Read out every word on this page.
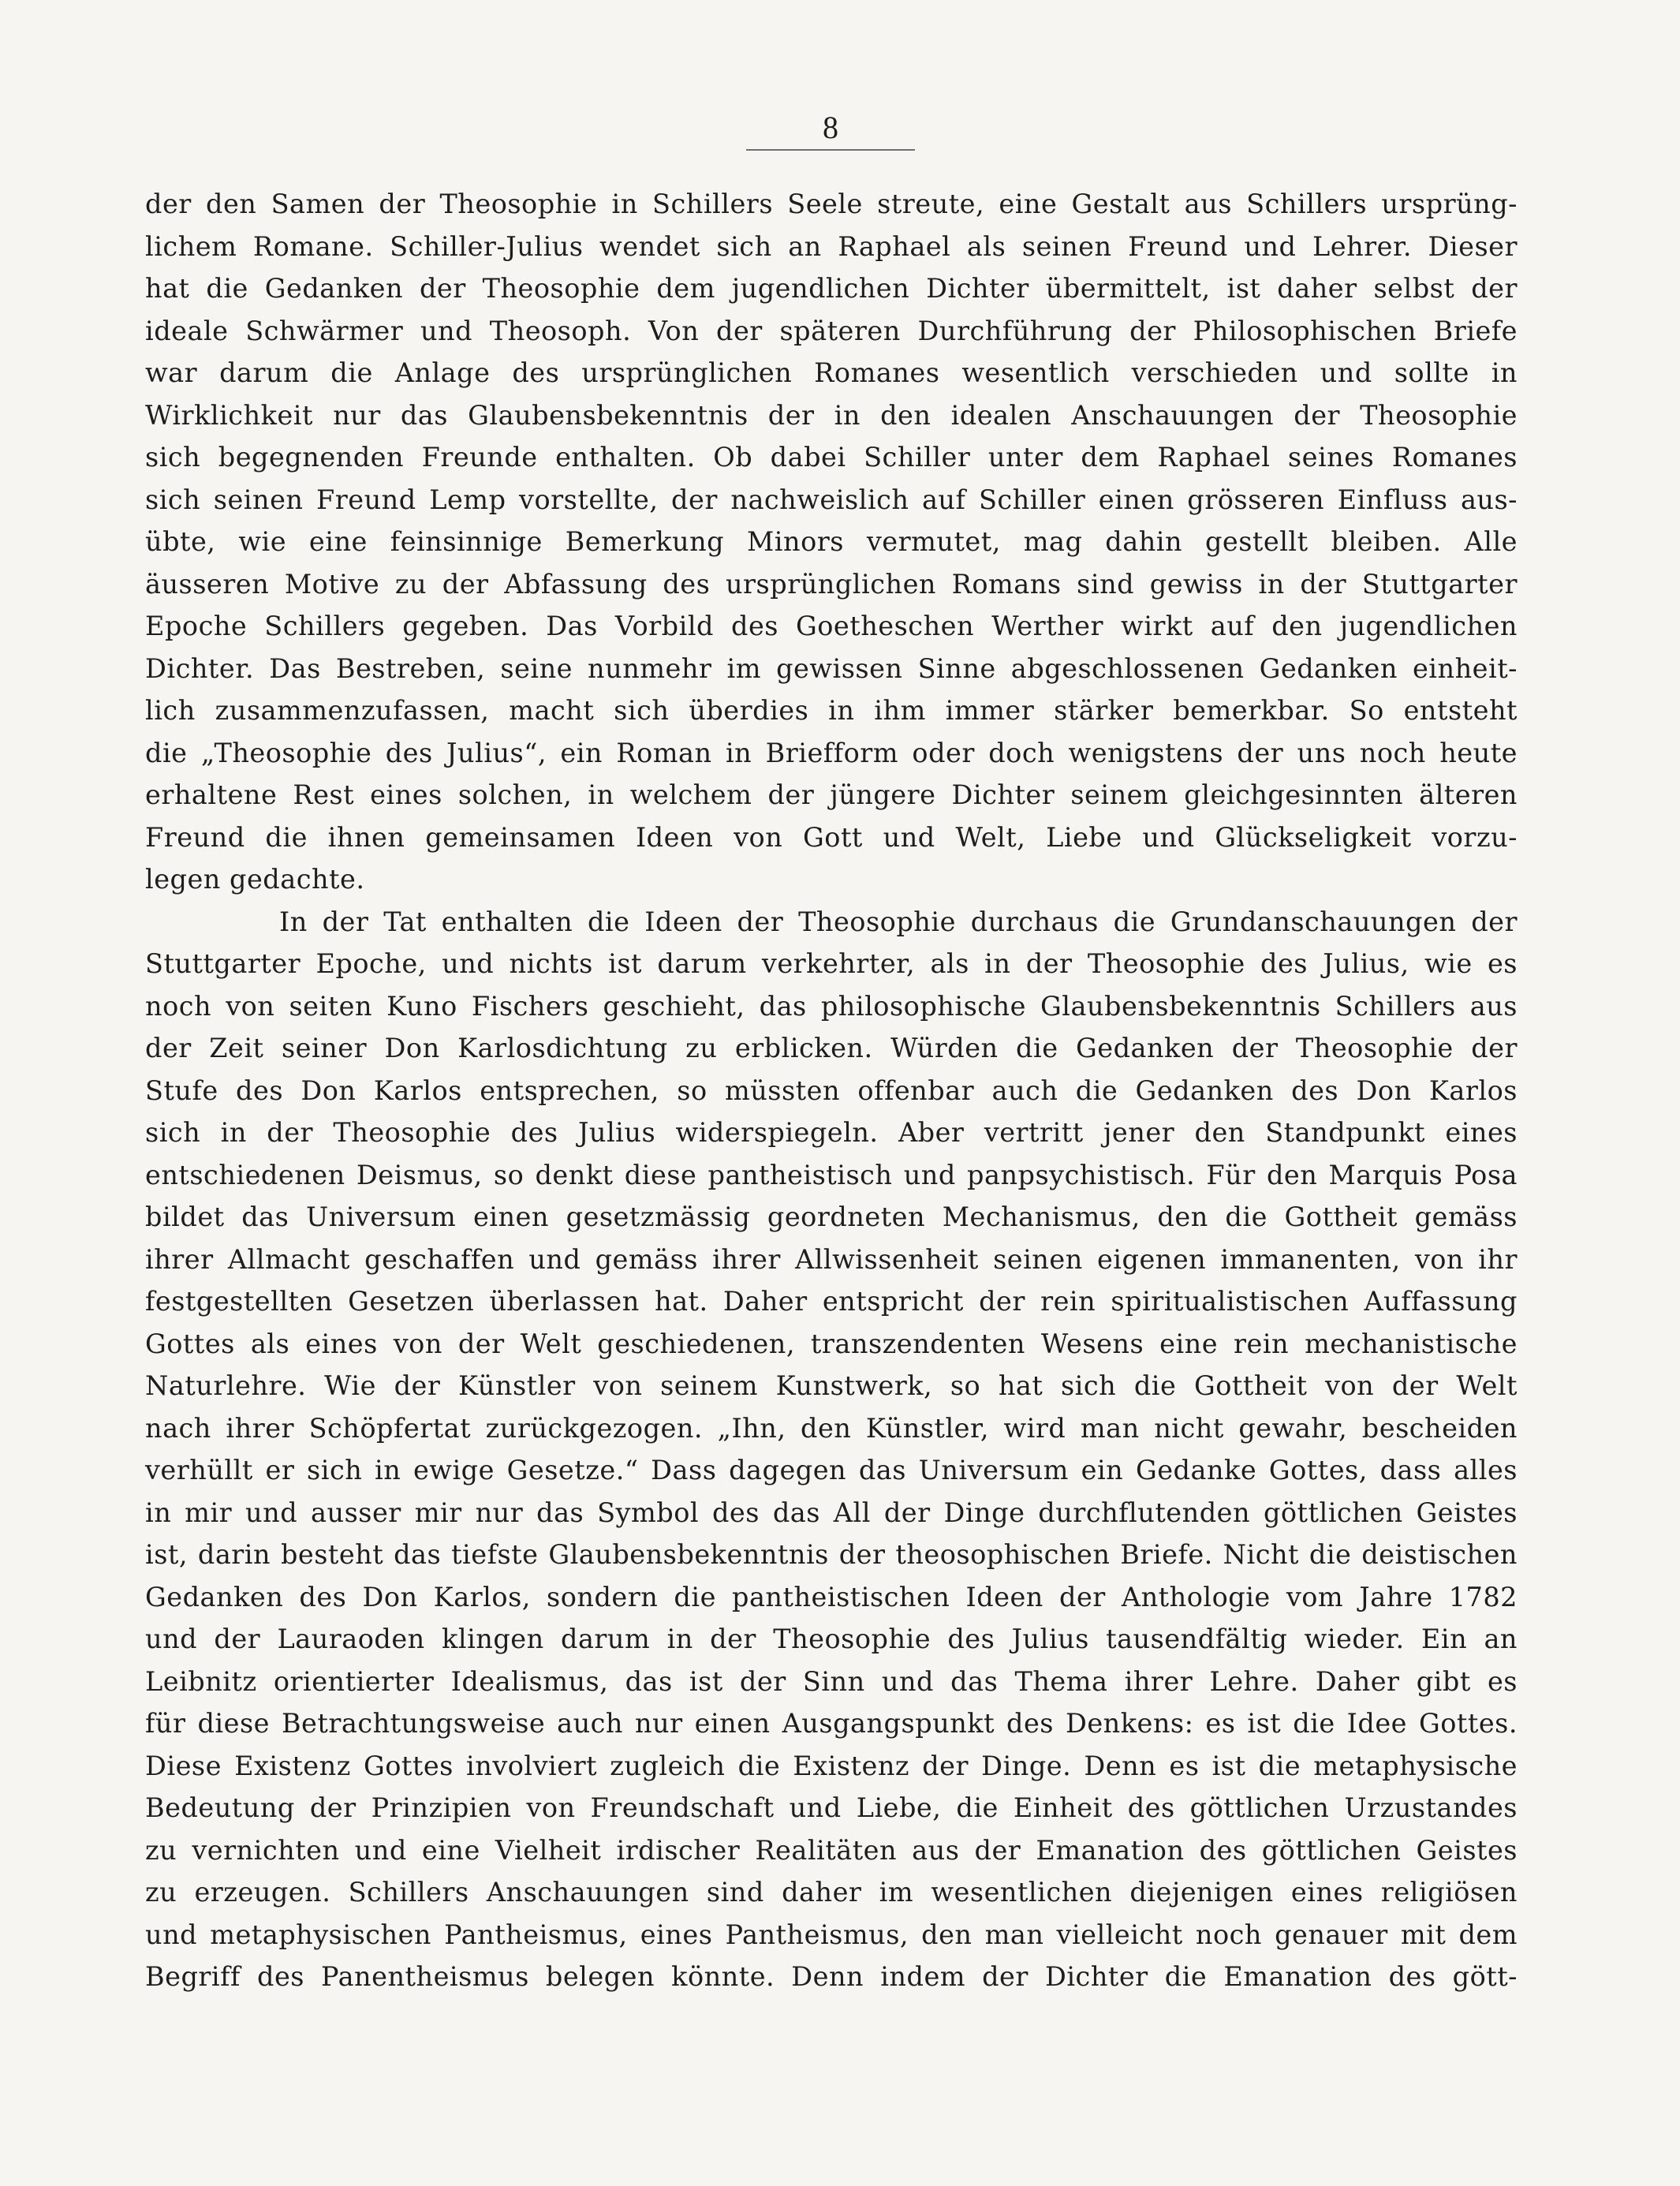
8
der den Samen der Theosophie in Schillers Seele streute, eine Gestalt aus Schillers ursprüng-
lichem Romane. Schiller-Julius wendet sich an Raphael als seinen Freund und Lehrer. Dieser
hat die Gedanken der Theosophie dem jugendlichen Dichter übermittelt, ist daher selbst der
ideale Schwärmer und Theosoph. Von der späteren Durchführung der Philosophischen Briefe
war darum die Anlage des ursprünglichen Romanes wesentlich verschieden und sollte in
Wirklichkeit nur das Glaubensbekenntnis der in den idealen Anschauungen der Theosophie
sich begegnenden Freunde enthalten. Ob dabei Schiller unter dem Raphael seines Romanes
sich seinen Freund Lemp vorstellte, der nachweislich auf Schiller einen grösseren Einfluss aus-
übte, wie eine feinsinnige Bemerkung Minors vermutet, mag dahin gestellt bleiben. Alle
äusseren Motive zu der Abfassung des ursprünglichen Romans sind gewiss in der Stuttgarter
Epoche Schillers gegeben. Das Vorbild des Goetheschen Werther wirkt auf den jugendlichen
Dichter. Das Bestreben, seine nunmehr im gewissen Sinne abgeschlossenen Gedanken einheit-
lich zusammenzufassen, macht sich überdies in ihm immer stärker bemerkbar. So entsteht
die „Theosophie des Julius“, ein Roman in Briefform oder doch wenigstens der uns noch heute
erhaltene Rest eines solchen, in welchem der jüngere Dichter seinem gleichgesinnten älteren
Freund die ihnen gemeinsamen Ideen von Gott und Welt, Liebe und Glückseligkeit vorzu-
legen gedachte.
In der Tat enthalten die Ideen der Theosophie durchaus die Grundanschauungen der
Stuttgarter Epoche, und nichts ist darum verkehrter, als in der Theosophie des Julius, wie es
noch von seiten Kuno Fischers geschieht, das philosophische Glaubensbekenntnis Schillers aus
der Zeit seiner Don Karlosdichtung zu erblicken. Würden die Gedanken der Theosophie der
Stufe des Don Karlos entsprechen, so müssten offenbar auch die Gedanken des Don Karlos
sich in der Theosophie des Julius widerspiegeln. Aber vertritt jener den Standpunkt eines
entschiedenen Deismus, so denkt diese pantheistisch und panpsychistisch. Für den Marquis Posa
bildet das Universum einen gesetzmässig geordneten Mechanismus, den die Gottheit gemäss
ihrer Allmacht geschaffen und gemäss ihrer Allwissenheit seinen eigenen immanenten, von ihr
festgestellten Gesetzen überlassen hat. Daher entspricht der rein spiritualistischen Auffassung
Gottes als eines von der Welt geschiedenen, transzendenten Wesens eine rein mechanistische
Naturlehre. Wie der Künstler von seinem Kunstwerk, so hat sich die Gottheit von der Welt
nach ihrer Schöpfertat zurückgezogen. „Ihn, den Künstler, wird man nicht gewahr, bescheiden
verhüllt er sich in ewige Gesetze.“ Dass dagegen das Universum ein Gedanke Gottes, dass alles
in mir und ausser mir nur das Symbol des das All der Dinge durchflutenden göttlichen Geistes
ist, darin besteht das tiefste Glaubensbekenntnis der theosophischen Briefe. Nicht die deistischen
Gedanken des Don Karlos, sondern die pantheistischen Ideen der Anthologie vom Jahre 1782
und der Lauraoden klingen darum in der Theosophie des Julius tausendfältig wieder. Ein an
Leibnitz orientierter Idealismus, das ist der Sinn und das Thema ihrer Lehre. Daher gibt es
für diese Betrachtungsweise auch nur einen Ausgangspunkt des Denkens: es ist die Idee Gottes.
Diese Existenz Gottes involviert zugleich die Existenz der Dinge. Denn es ist die metaphysische
Bedeutung der Prinzipien von Freundschaft und Liebe, die Einheit des göttlichen Urzustandes
zu vernichten und eine Vielheit irdischer Realitäten aus der Emanation des göttlichen Geistes
zu erzeugen. Schillers Anschauungen sind daher im wesentlichen diejenigen eines religiösen
und metaphysischen Pantheismus, eines Pantheismus, den man vielleicht noch genauer mit dem
Begriff des Panentheismus belegen könnte. Denn indem der Dichter die Emanation des gött-
